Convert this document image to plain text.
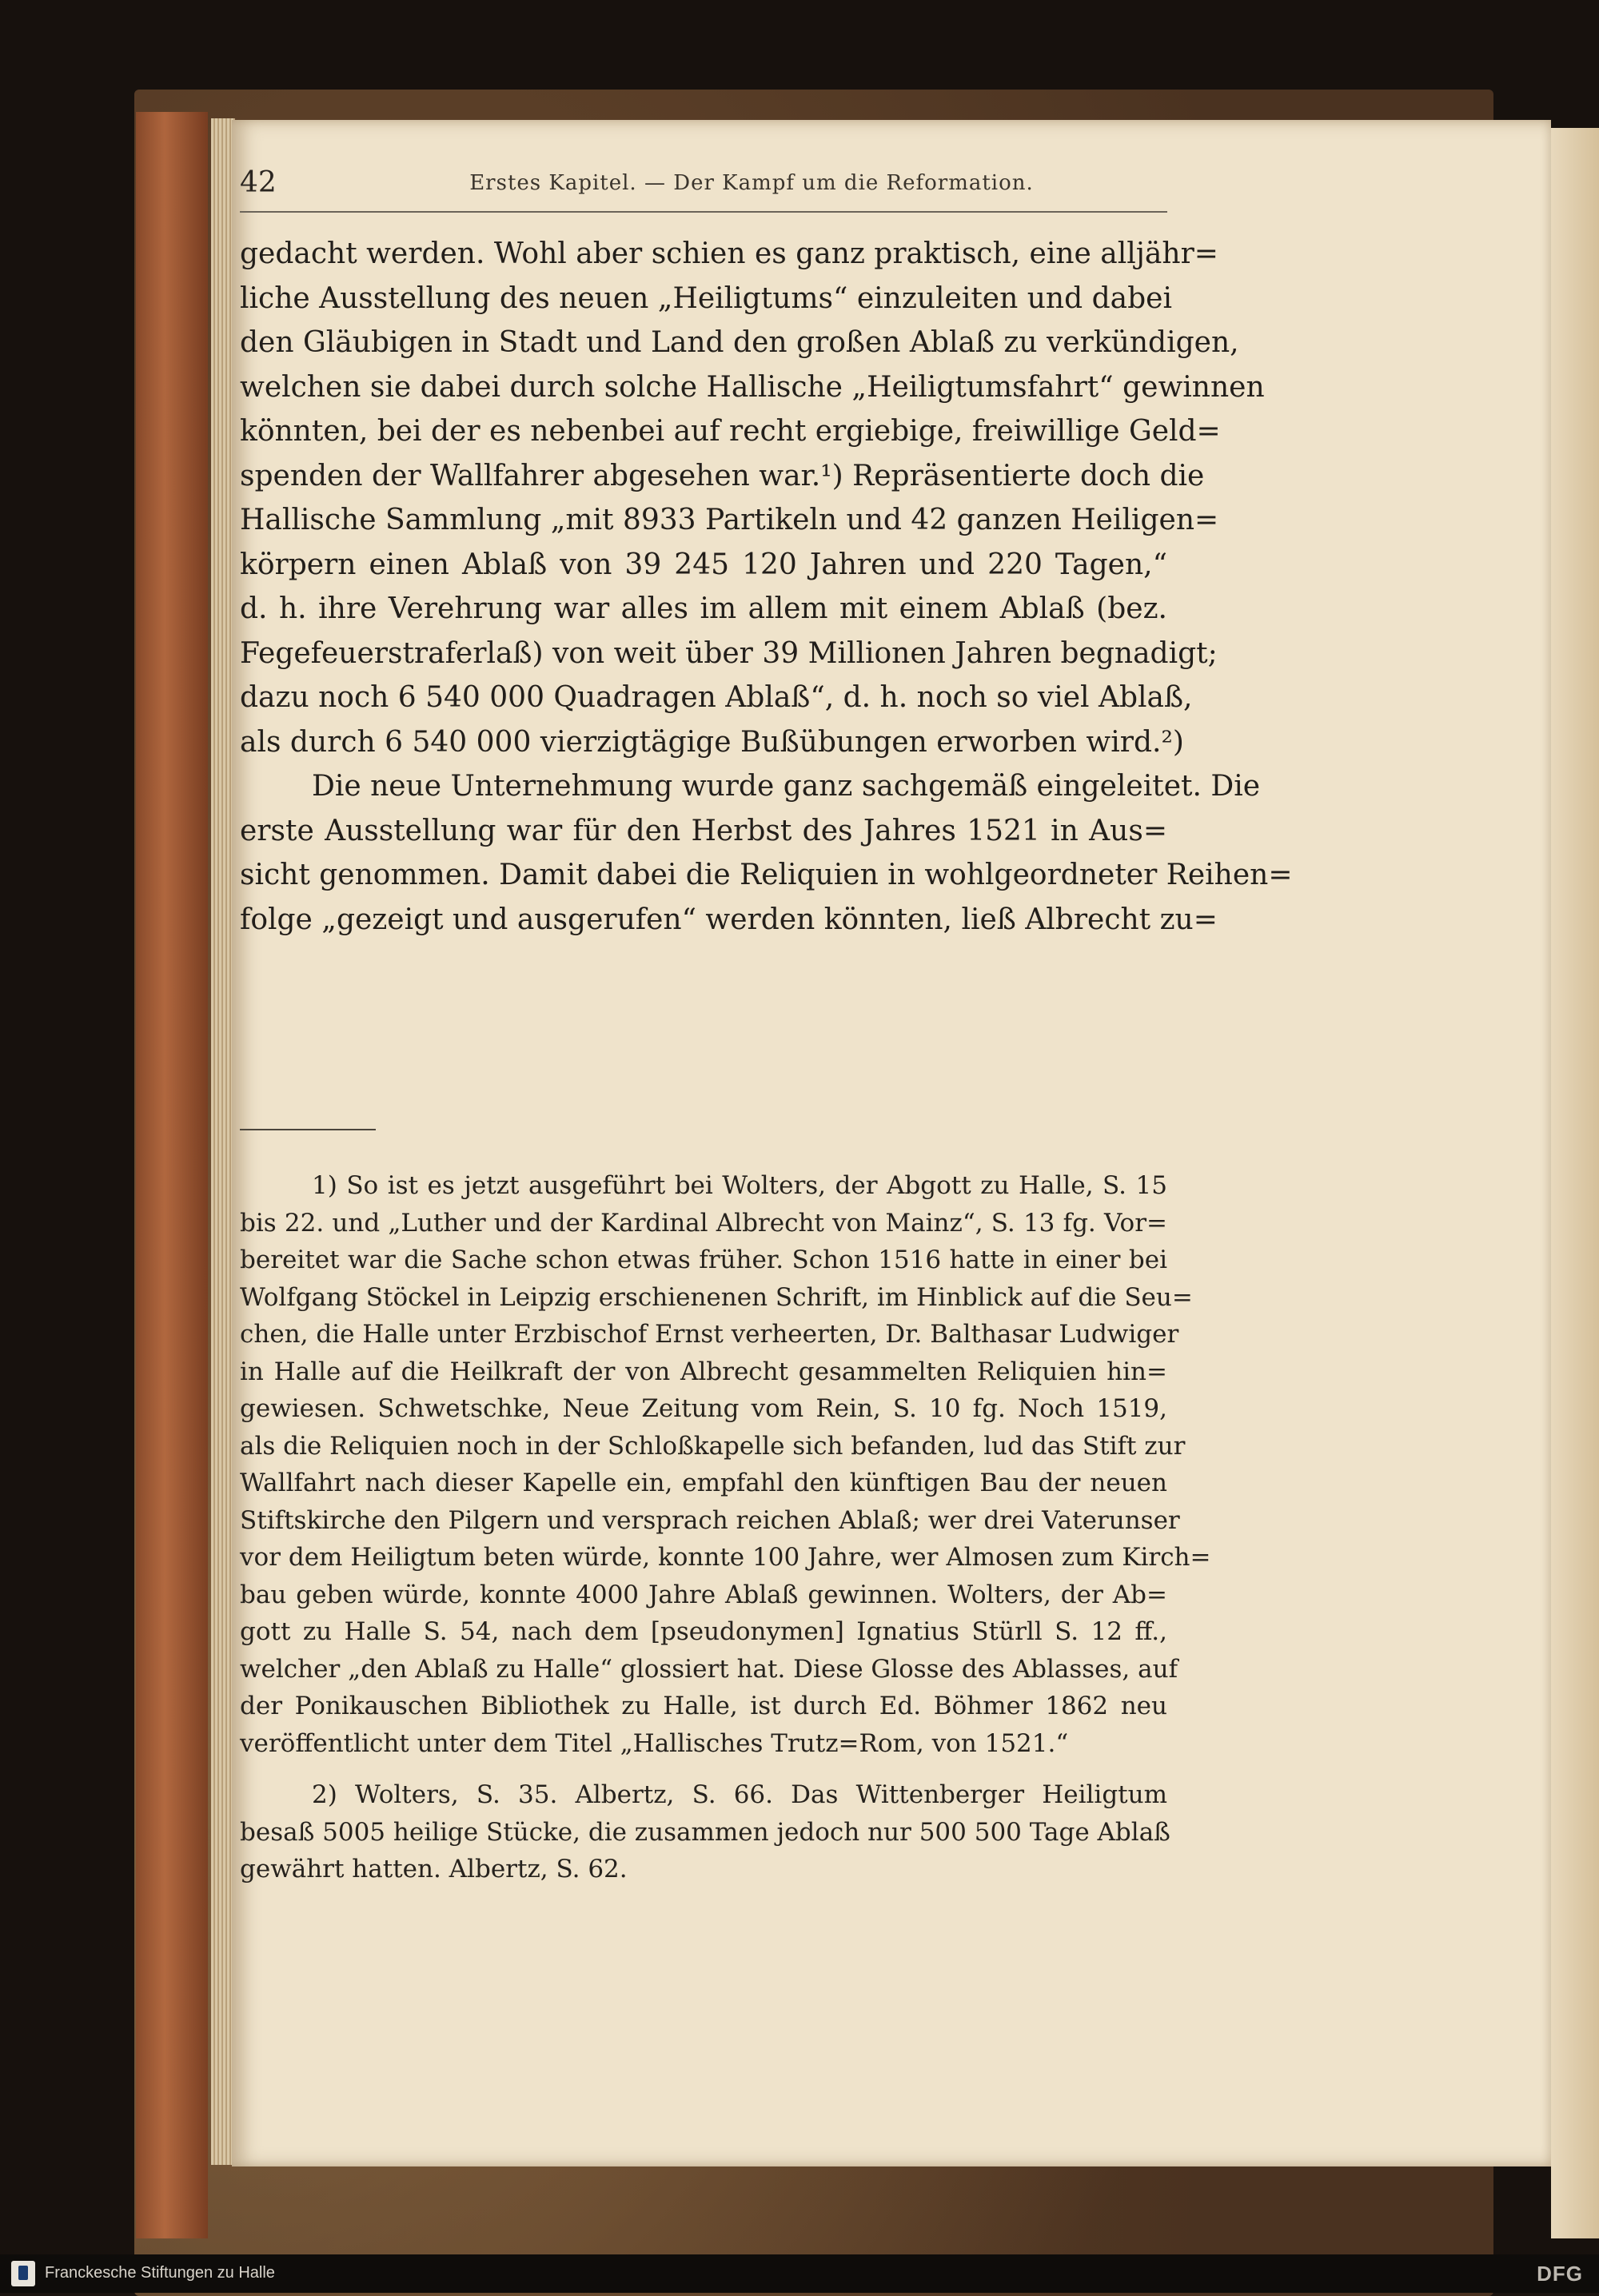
42	Erstes Kapitel. — Der Kampf um die Reformation.

gedacht werden. Wohl aber schien es ganz praktisch, eine alljähr=
liche Ausstellung des neuen „Heiligtums“ einzuleiten und dabei
den Gläubigen in Stadt und Land den großen Ablaß zu verkündigen,
welchen sie dabei durch solche Hallische „Heiligtumsfahrt“ gewinnen
könnten, bei der es nebenbei auf recht ergiebige, freiwillige Geld=
spenden der Wallfahrer abgesehen war.¹) Repräsentierte doch die
Hallische Sammlung „mit 8933 Partikeln und 42 ganzen Heiligen=
körpern einen Ablaß von 39 245 120 Jahren und 220 Tagen,“
d. h. ihre Verehrung war alles im allem mit einem Ablaß (bez.
Fegefeuerstraferlaß) von weit über 39 Millionen Jahren begnadigt;
dazu noch 6 540 000 Quadragen Ablaß“, d. h. noch so viel Ablaß,
als durch 6 540 000 vierzigtägige Bußübungen erworben wird.²)

Die neue Unternehmung wurde ganz sachgemäß eingeleitet. Die
erste Ausstellung war für den Herbst des Jahres 1521 in Aus=
sicht genommen. Damit dabei die Reliquien in wohlgeordneter Reihen=
folge „gezeigt und ausgerufen“ werden könnten, ließ Albrecht zu=

1) So ist es jetzt ausgeführt bei Wolters, der Abgott zu Halle, S. 15
bis 22. und „Luther und der Kardinal Albrecht von Mainz“, S. 13 fg. Vor=
bereitet war die Sache schon etwas früher. Schon 1516 hatte in einer bei
Wolfgang Stöckel in Leipzig erschienenen Schrift, im Hinblick auf die Seu=
chen, die Halle unter Erzbischof Ernst verheerten, Dr. Balthasar Ludwiger
in Halle auf die Heilkraft der von Albrecht gesammelten Reliquien hin=
gewiesen. Schwetschke, Neue Zeitung vom Rein, S. 10 fg. Noch 1519,
als die Reliquien noch in der Schloßkapelle sich befanden, lud das Stift zur
Wallfahrt nach dieser Kapelle ein, empfahl den künftigen Bau der neuen
Stiftskirche den Pilgern und versprach reichen Ablaß; wer drei Vaterunser
vor dem Heiligtum beten würde, konnte 100 Jahre, wer Almosen zum Kirch=
bau geben würde, konnte 4000 Jahre Ablaß gewinnen. Wolters, der Ab=
gott zu Halle S. 54, nach dem [pseudonymen] Ignatius Stürll S. 12 ff.,
welcher „den Ablaß zu Halle“ glossiert hat. Diese Glosse des Ablasses, auf
der Ponikauschen Bibliothek zu Halle, ist durch Ed. Böhmer 1862 neu
veröffentlicht unter dem Titel „Hallisches Trutz=Rom, von 1521.“
2) Wolters, S. 35. Albertz, S. 66. Das Wittenberger Heiligtum
besaß 5005 heilige Stücke, die zusammen jedoch nur 500 500 Tage Ablaß
gewährt hatten. Albertz, S. 62.
Franckesche Stiftungen zu Halle	DFG
